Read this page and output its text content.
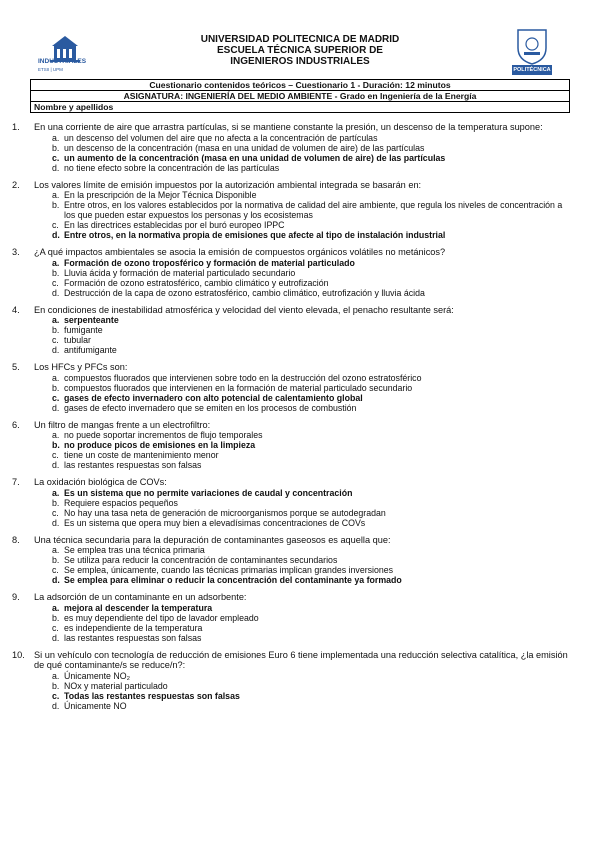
INDUSTRIALES
ETSII | UPM
UNIVERSIDAD POLITECNICA DE MADRID
ESCUELA TÉCNICA SUPERIOR DE
INGENIEROS INDUSTRIALES
POLITÉCNICA
Cuestionario contenidos teóricos – Cuestionario 1 - Duración: 12 minutos
ASIGNATURA: INGENIERÍA DEL MEDIO AMBIENTE - Grado en Ingeniería de la Energía
Nombre y apellidos
1. En una corriente de aire que arrastra partículas, si se mantiene constante la presión, un descenso de la temperatura supone:
a. un descenso del volumen del aire que no afecta a la concentración de partículas
b. un descenso de la concentración (masa en una unidad de volumen de aire) de las partículas
c. un aumento de la concentración (masa en una unidad de volumen de aire) de las partículas
d. no tiene efecto sobre la concentración de las partículas
2. Los valores límite de emisión impuestos por la autorización ambiental integrada se basarán en:
a. En la prescripción de la Mejor Técnica Disponible
b. Entre otros, en los valores establecidos por la normativa de calidad del aire ambiente, que regula los niveles de concentración a los que pueden estar expuestos los personas y los ecosistemas
c. En las directrices establecidas por el buró europeo IPPC
d. Entre otros, en la normativa propia de emisiones que afecte al tipo de instalación industrial
3. ¿A qué impactos ambientales se asocia la emisión de compuestos orgánicos volátiles no metánicos?
a. Formación de ozono troposférico y formación de material particulado
b. Lluvia ácida y formación de material particulado secundario
c. Formación de ozono estratosférico, cambio climático y eutrofización
d. Destrucción de la capa de ozono estratosférico, cambio climático, eutrofización y lluvia ácida
4. En condiciones de inestabilidad atmosférica y velocidad del viento elevada, el penacho resultante será:
a. serpenteante
b. fumigante
c. tubular
d. antifumigante
5. Los HFCs y PFCs son:
a. compuestos fluorados que intervienen sobre todo en la destrucción del ozono estratosférico
b. compuestos fluorados que intervienen en la formación de material particulado secundario
c. gases de efecto invernadero con alto potencial de calentamiento global
d. gases de efecto invernadero que se emiten en los procesos de combustión
6. Un filtro de mangas frente a un electrofiltro:
a. no puede soportar incrementos de flujo temporales
b. no produce picos de emisiones en la limpieza
c. tiene un coste de mantenimiento menor
d. las restantes respuestas son falsas
7. La oxidación biológica de COVs:
a. Es un sistema que no permite variaciones de caudal y concentración
b. Requiere espacios pequeños
c. No hay una tasa neta de generación de microorganismos porque se autodegradan
d. Es un sistema que opera muy bien a elevadísimas concentraciones de COVs
8. Una técnica secundaria para la depuración de contaminantes gaseosos es aquella que:
a. Se emplea tras una técnica primaria
b. Se utiliza para reducir la concentración de contaminantes secundarios
c. Se emplea, únicamente, cuando las técnicas primarias implican grandes inversiones
d. Se emplea para eliminar o reducir la concentración del contaminante ya formado
9. La adsorción de un contaminante en un adsorbente:
a. mejora al descender la temperatura
b. es muy dependiente del tipo de lavador empleado
c. es independiente de la temperatura
d. las restantes respuestas son falsas
10. Si un vehículo con tecnología de reducción de emisiones Euro 6 tiene implementada una reducción selectiva catalítica, ¿la emisión de qué contaminante/s se reduce/n?:
a. Únicamente NO₂
b. NOx y material particulado
c. Todas las restantes respuestas son falsas
d. Únicamente NO
